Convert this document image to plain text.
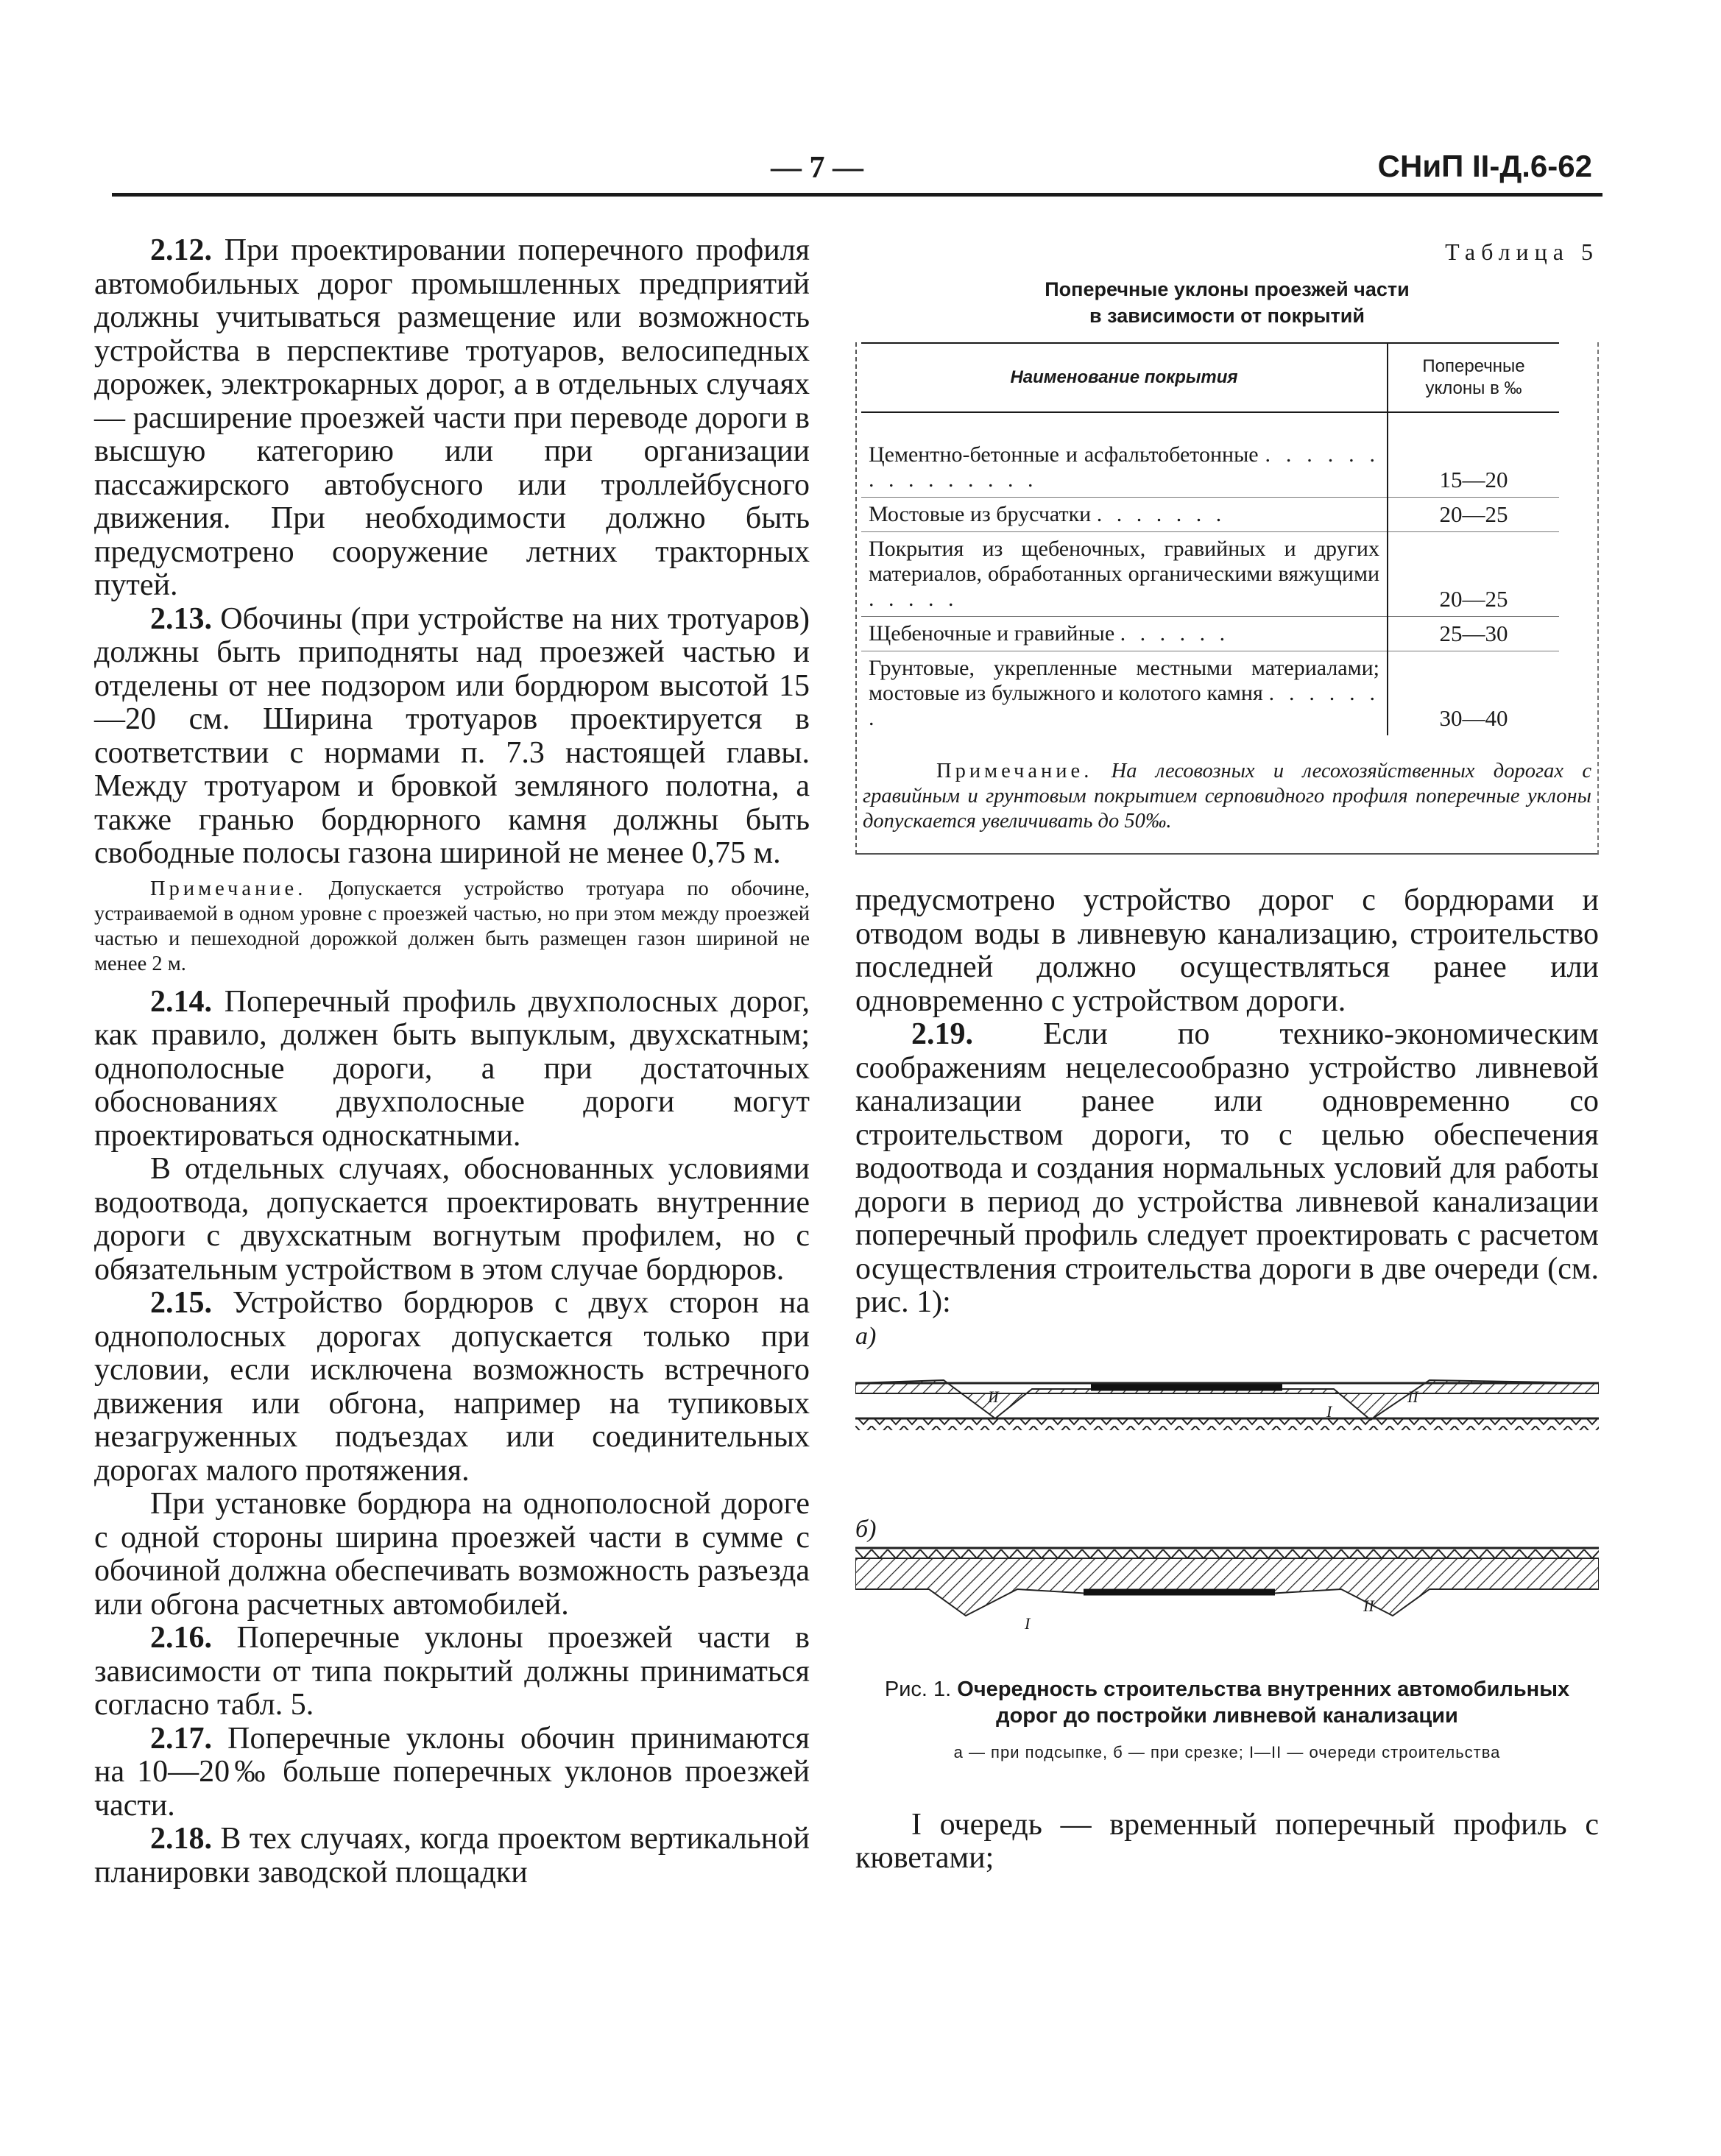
— 7 —	СНиП II-Д.6-62

2.12. При проектировании поперечного профиля автомобильных дорог промышленных предприятий должны учитываться размещение или возможность устройства в перспективе тротуаров, велосипедных дорожек, электрокарных дорог, а в отдельных случаях — расширение проезжей части при переводе дороги в высшую категорию или при организации пассажирского автобусного или троллейбусного движения. При необходимости должно быть предусмотрено сооружение летних тракторных путей.

2.13. Обочины (при устройстве на них тротуаров) должны быть приподняты над проезжей частью и отделены от нее подзором или бордюром высотой 15—20 см. Ширина тротуаров проектируется в соответствии с нормами п. 7.3 настоящей главы. Между тротуаром и бровкой земляного полотна, а также гранью бордюрного камня должны быть свободные полосы газона шириной не менее 0,75 м.

Примечание. Допускается устройство тротуара по обочине, устраиваемой в одном уровне с проезжей частью, но при этом между проезжей частью и пешеходной дорожкой должен быть размещен газон шириной не менее 2 м.

2.14. Поперечный профиль двухполосных дорог, как правило, должен быть выпуклым, двухскатным; однополосные дороги, а при достаточных обоснованиях двухполосные дороги могут проектироваться односкатными.

В отдельных случаях, обоснованных условиями водоотвода, допускается проектировать внутренние дороги с двухскатным вогнутым профилем, но с обязательным устройством в этом случае бордюров.

2.15. Устройство бордюров с двух сторон на однополосных дорогах допускается только при условии, если исключена возможность встречного движения или обгона, например на тупиковых незагруженных подъездах или соединительных дорогах малого протяжения.

При установке бордюра на однополосной дороге с одной стороны ширина проезжей части в сумме с обочиной должна обеспечивать возможность разъезда или обгона расчетных автомобилей.

2.16. Поперечные уклоны проезжей части в зависимости от типа покрытий должны приниматься согласно табл. 5.

2.17. Поперечные уклоны обочин принимаются на 10—20‰ больше поперечных уклонов проезжей части.

2.18. В тех случаях, когда проектом вертикальной планировки заводской площадки

Таблица 5
Поперечные уклоны проезжей части
в зависимости от покрытий
Наименование покрытия	Поперечные
уклоны в ‰

Цементно-бетонные и асфальтобетонные . . . . . . . . . . . . . . .	15—20
Мостовые из брусчатки . . . . . . .	20—25
Покрытия из щебеночных, гравийных и других материалов, обработанных органическими вяжущими . . . . .	20—25
Щебеночные и гравийные . . . . . .	25—30
Грунтовые, укрепленные местными материалами; мостовые из булыжного и колотого камня . . . . . . .	30—40

Примечание. На лесовозных и лесохозяйственных дорогах с гравийным и грунтовым покрытием серповидного профиля поперечные уклоны допускается увеличивать до 50‰.

предусмотрено устройство дорог с бордюрами и отводом воды в ливневую канализацию, строительство последней должно осуществляться ранее или одновременно с устройством дороги.

2.19. Если по технико-экономическим соображениям нецелесообразно устройство ливневой канализации ранее или одновременно со строительством дороги, то с целью обеспечения водоотвода и создания нормальных условий для работы дороги в период до устройства ливневой канализации поперечный профиль следует проектировать с расчетом осуществления строительства дороги в две очереди (см. рис. 1):

а)
II	II
I
б)
I
II
Рис. 1. Очередность строительства внутренних автомобильных дорог до постройки ливневой канализации
а — при подсыпке, б — при срезке; I—II — очереди строительства

I очередь — временный поперечный профиль с кюветами;
